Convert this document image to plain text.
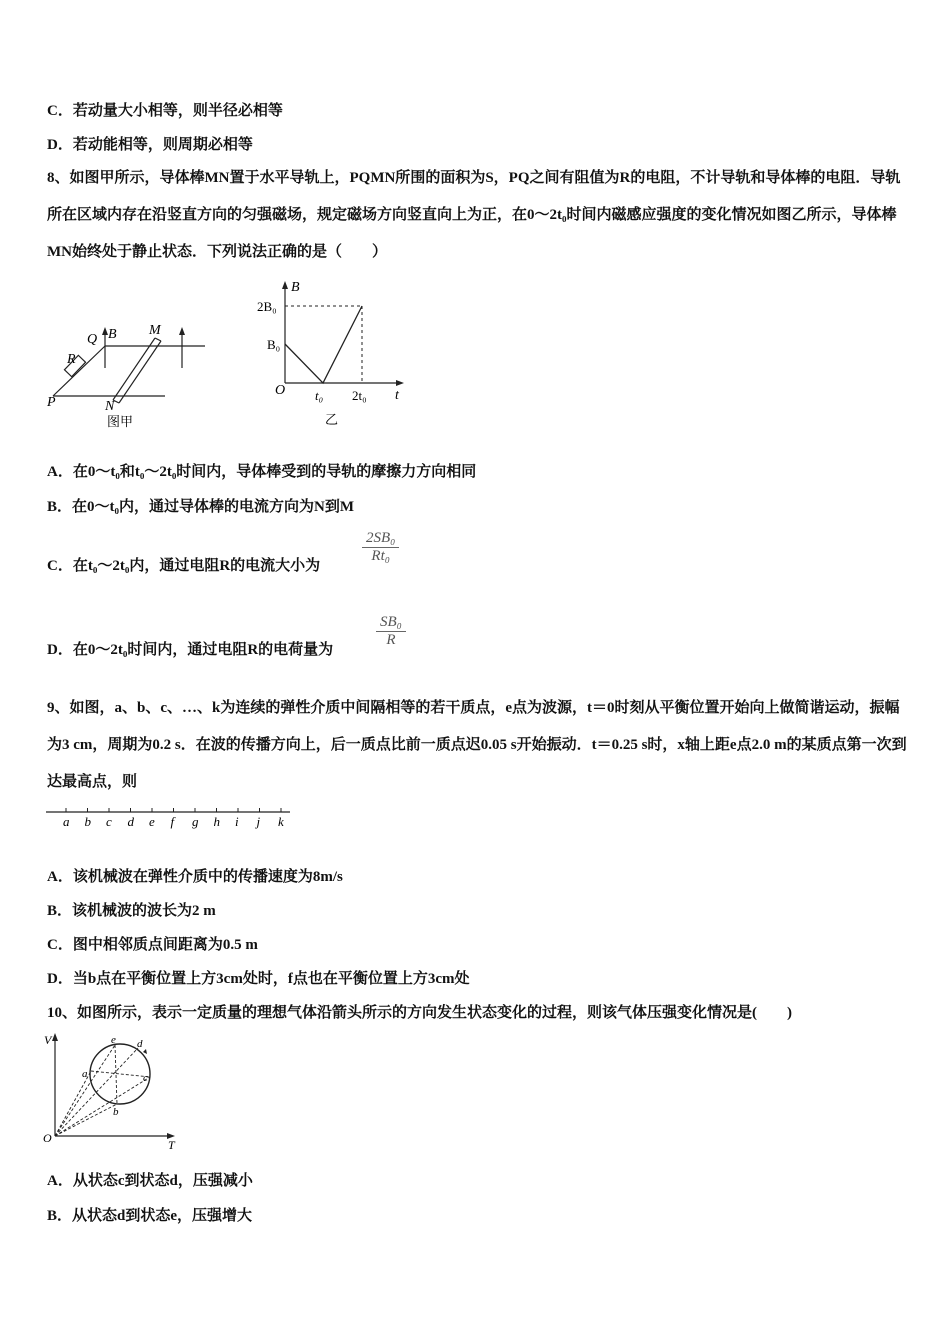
C．若动量大小相等，则半径必相等
D．若动能相等，则周期必相等
8、如图甲所示，导体棒MN置于水平导轨上，PQMN所围的面积为S，PQ之间有阻值为R的电阻，不计导轨和导体棒的电阻．导轨所在区域内存在沿竖直方向的匀强磁场，规定磁场方向竖直向上为正，在0～2t₀时间内磁感应强度的变化情况如图乙所示，导体棒MN始终处于静止状态．下列说法正确的是（　　）
Q B M
R
P	N
图甲
B
t
O
2B₀
B₀
t₀ 2t₀
乙
A．在0～t₀和t₀～2t₀时间内，导体棒受到的导轨的摩擦力方向相同
B．在0～t₀内，通过导体棒的电流方向为N到M
C．在t₀～2t₀内，通过电阻R的电流大小为
$\frac{\text{2SB₀}}{\text{Rt₀}}$
D．在0～2t₀时间内，通过电阻R的电荷量为
$\frac{\text{SB₀}}{R}$
9、如图，a、b、c、…、k为连续的弹性介质中间隔相等的若干质点，e点为波源，t＝0时刻从平衡位置开始向上做简谐运动，振幅为3 cm，周期为0.2 s．在波的传播方向上，后一质点比前一质点迟0.05 s开始振动．t＝0.25 s时，x轴上距e点2.0 m的某质点第一次到达最高点，则
a b c d e f g h i j k
A．该机械波在弹性介质中的传播速度为8m/s
B．该机械波的波长为2 m
C．图中相邻质点间距离为0.5 m
D．当b点在平衡位置上方3cm处时，f点也在平衡位置上方3cm处
10、如图所示，表示一定质量的理想气体沿箭头所示的方向发生状态变化的过程，则该气体压强变化情况是(　　)
V
T
O
a
b
c
d
e
A．从状态c到状态d，压强减小
B．从状态d到状态e，压强增大
